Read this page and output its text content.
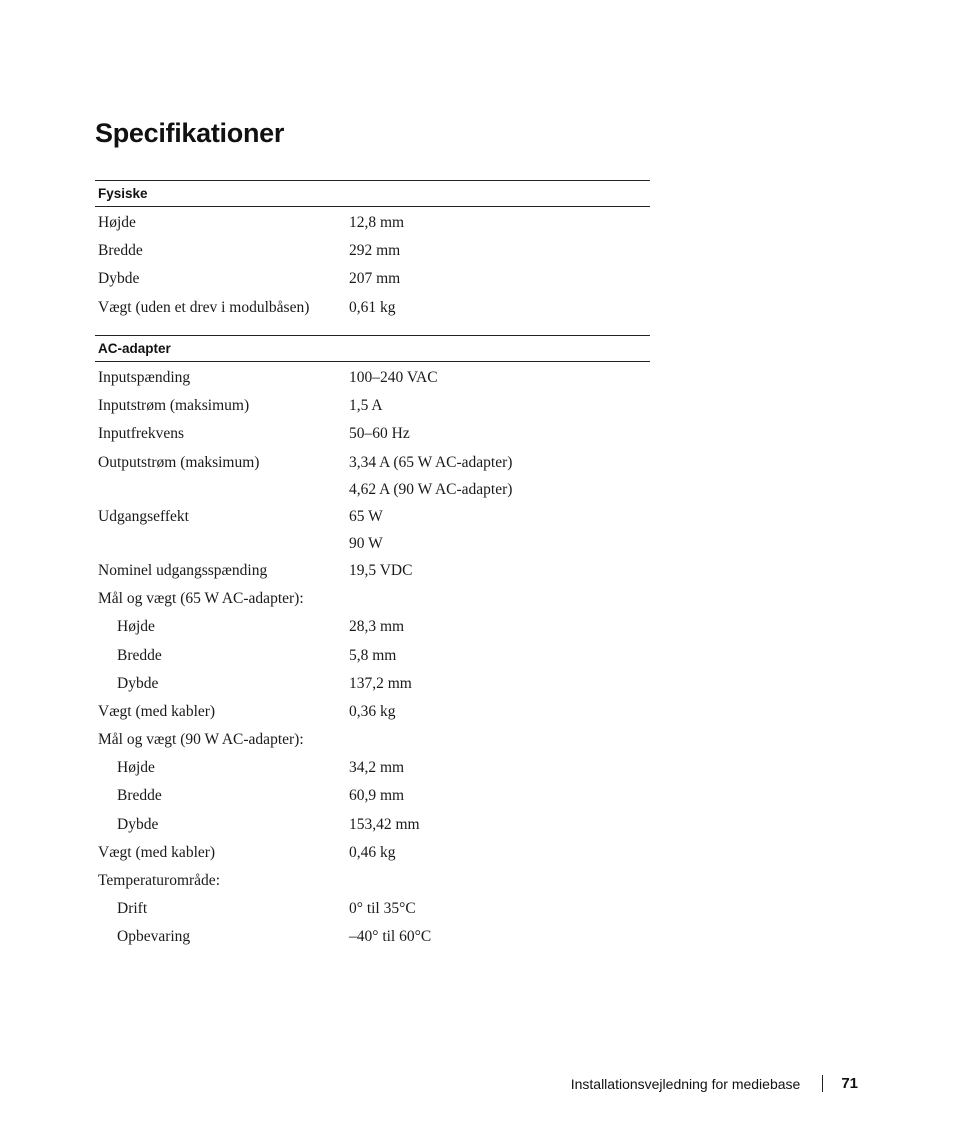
Specifikationer
Fysiske
Højde	12,8 mm
Bredde	292 mm
Dybde	207 mm
Vægt (uden et drev i modulbåsen)	0,61 kg
AC-adapter
Inputspænding	100–240 VAC
Inputstrøm (maksimum)	1,5 A
Inputfrekvens	50–60 Hz
Outputstrøm (maksimum)	3,34 A (65 W AC-adapter)
4,62 A (90 W AC-adapter)
Udgangseffekt	65 W
90 W
Nominel udgangsspænding	19,5 VDC
Mål og vægt (65 W AC-adapter):
Højde	28,3 mm
Bredde	5,8 mm
Dybde	137,2 mm
Vægt (med kabler)	0,36 kg
Mål og vægt (90 W AC-adapter):
Højde	34,2 mm
Bredde	60,9 mm
Dybde	153,42 mm
Vægt (med kabler)	0,46 kg
Temperaturområde:
Drift	0° til 35°C
Opbevaring	–40° til 60°C
Installationsvejledning for mediebase	71
